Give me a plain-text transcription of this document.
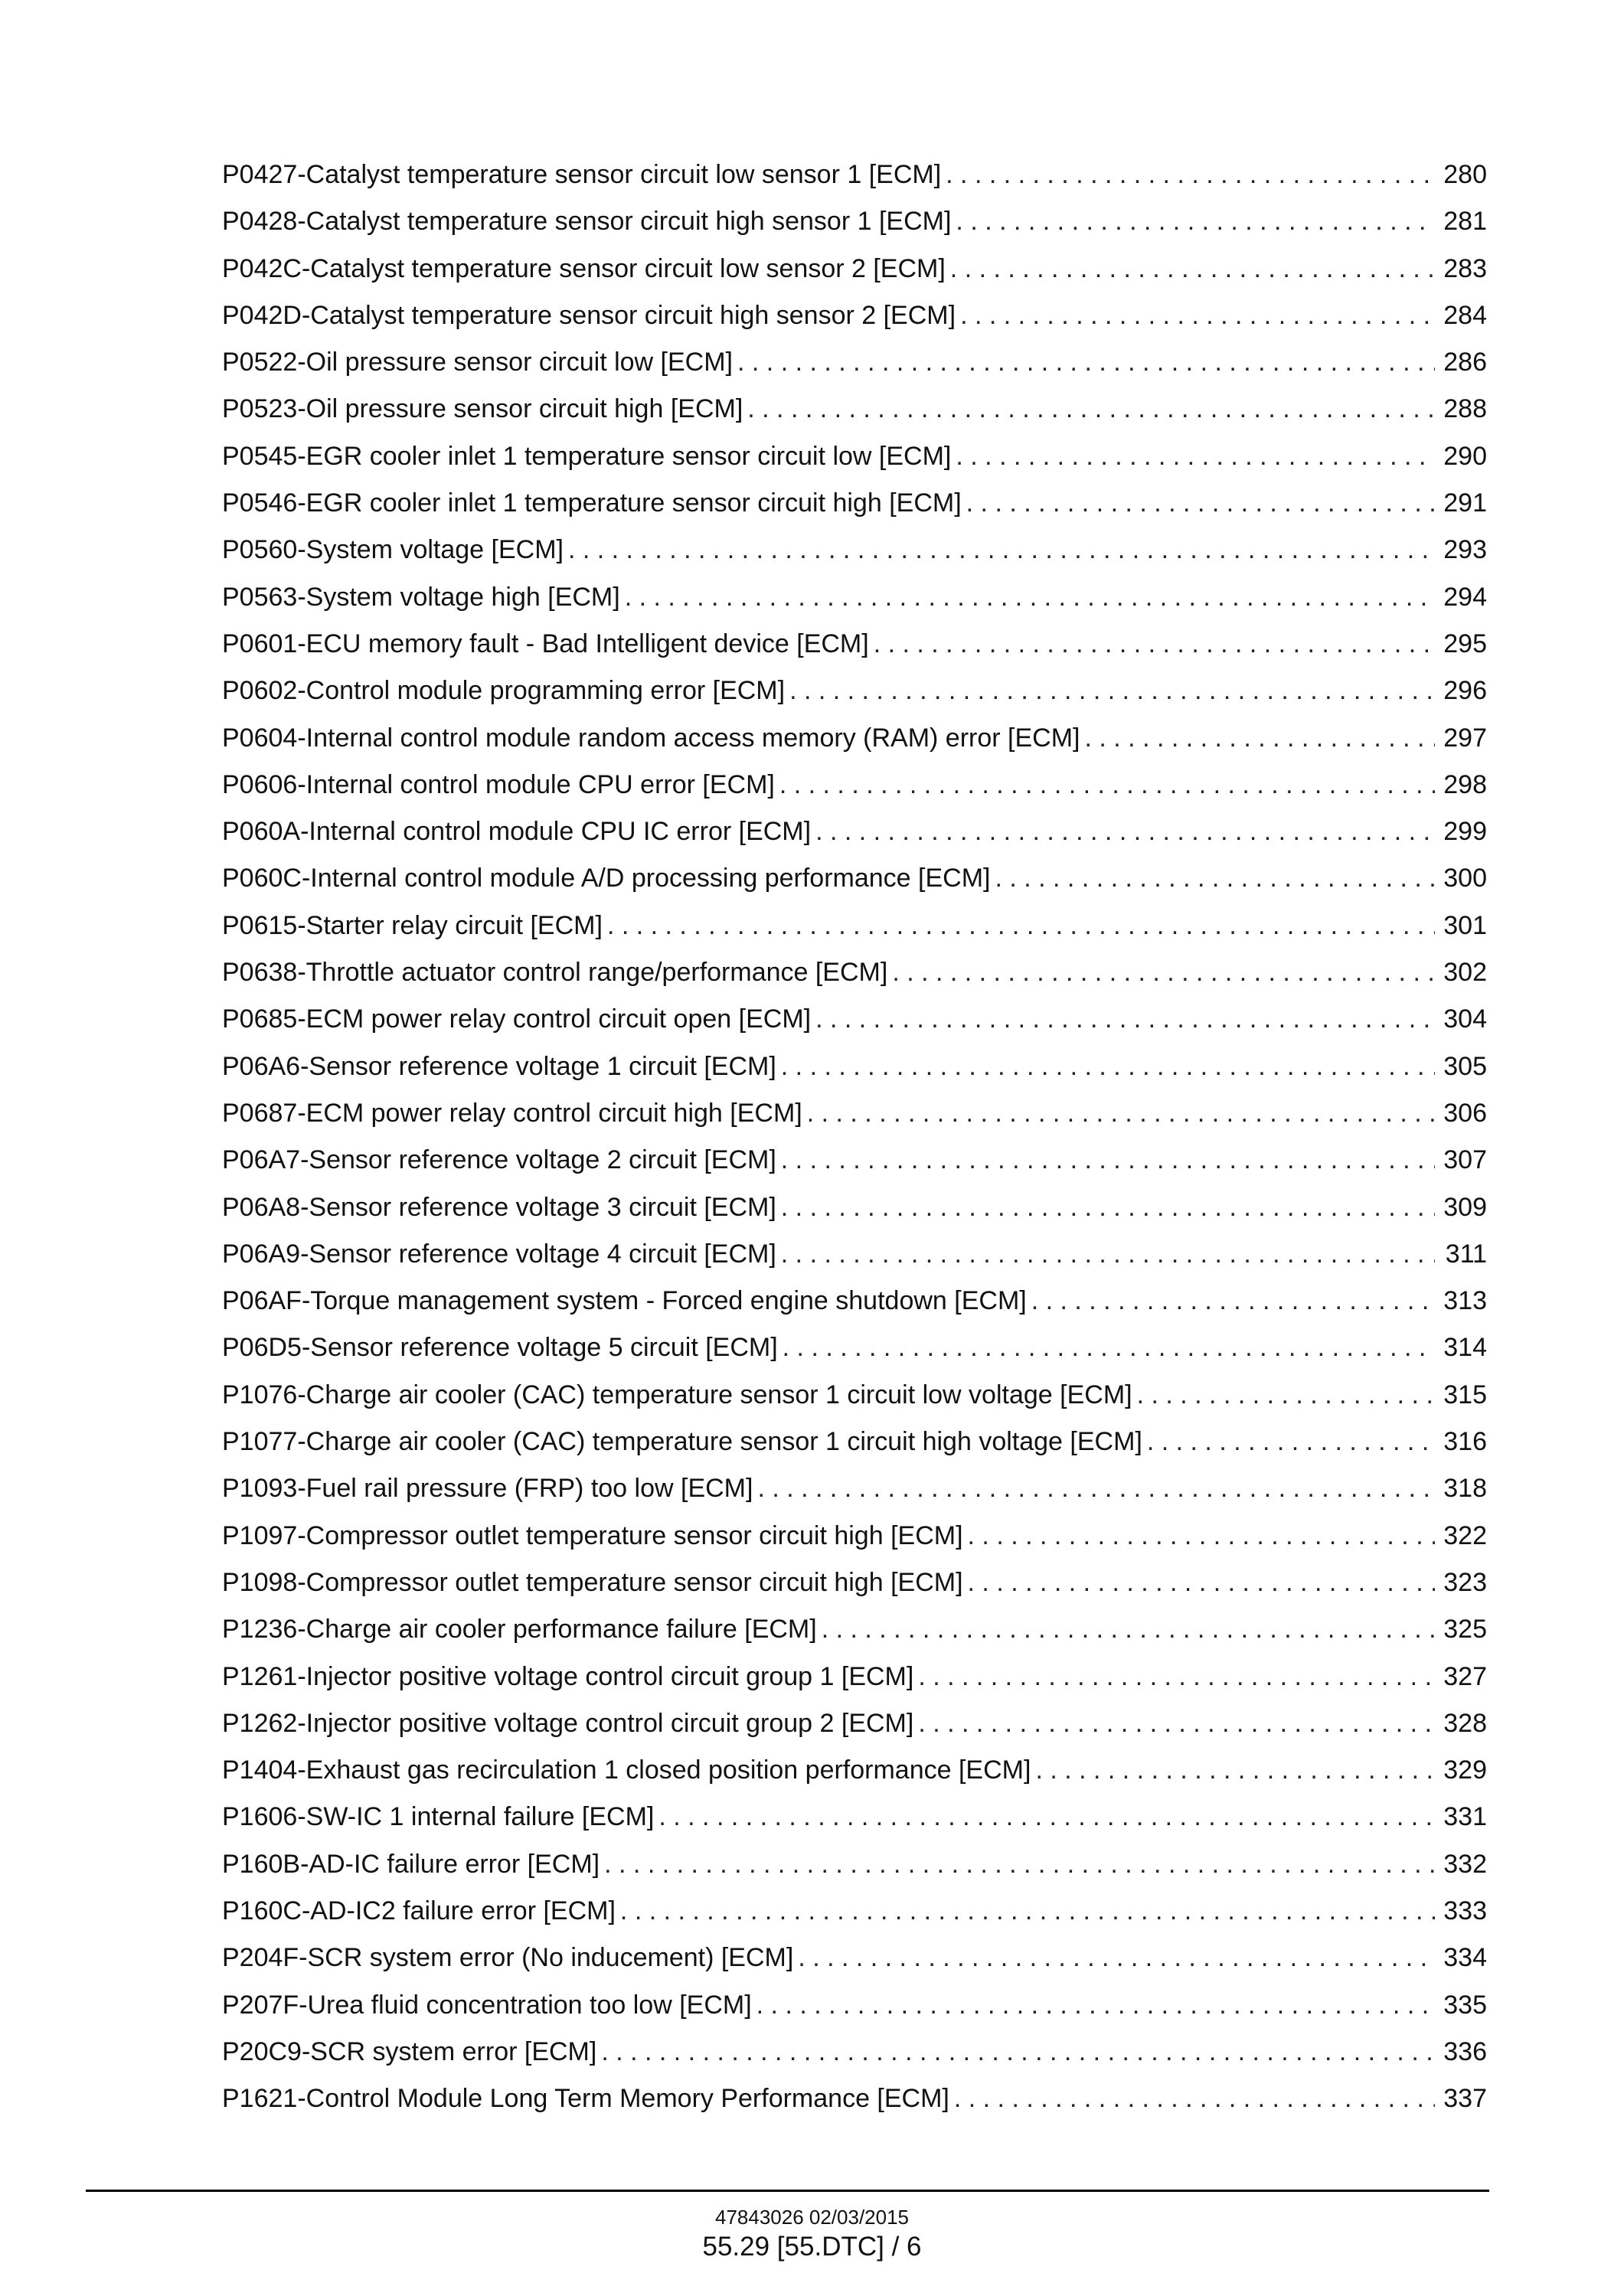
P0427-Catalyst temperature sensor circuit low sensor 1 [ECM] . . .	280
P0428-Catalyst temperature sensor circuit high sensor 1 [ECM] . . .	281
P042C-Catalyst temperature sensor circuit low sensor 2 [ECM] . . .	283
P042D-Catalyst temperature sensor circuit high sensor 2 [ECM] . . .	284
P0522-Oil pressure sensor circuit low [ECM] . . .	286
P0523-Oil pressure sensor circuit high [ECM] . . .	288
P0545-EGR cooler inlet 1 temperature sensor circuit low [ECM] . . .	290
P0546-EGR cooler inlet 1 temperature sensor circuit high [ECM] . . .	291
P0560-System voltage [ECM] . . .	293
P0563-System voltage high [ECM] . . .	294
P0601-ECU memory fault - Bad Intelligent device [ECM] . . .	295
P0602-Control module programming error [ECM] . . .	296
P0604-Internal control module random access memory (RAM) error [ECM] . . .	297
P0606-Internal control module CPU error [ECM] . . .	298
P060A-Internal control module CPU IC error [ECM] . . .	299
P060C-Internal control module A/D processing performance [ECM] . . .	300
P0615-Starter relay circuit [ECM] . . .	301
P0638-Throttle actuator control range/performance [ECM] . . .	302
P0685-ECM power relay control circuit open [ECM] . . .	304
P06A6-Sensor reference voltage 1 circuit [ECM] . . .	305
P0687-ECM power relay control circuit high [ECM] . . .	306
P06A7-Sensor reference voltage 2 circuit [ECM] . . .	307
P06A8-Sensor reference voltage 3 circuit [ECM] . . .	309
P06A9-Sensor reference voltage 4 circuit [ECM] . . .	311
P06AF-Torque management system - Forced engine shutdown [ECM] . . .	313
P06D5-Sensor reference voltage 5 circuit [ECM] . . .	314
P1076-Charge air cooler (CAC) temperature sensor 1 circuit low voltage [ECM] . . .	315
P1077-Charge air cooler (CAC) temperature sensor 1 circuit high voltage [ECM] . . .	316
P1093-Fuel rail pressure (FRP) too low [ECM] . . .	318
P1097-Compressor outlet temperature sensor circuit high [ECM] . . .	322
P1098-Compressor outlet temperature sensor circuit high [ECM] . . .	323
P1236-Charge air cooler performance failure [ECM] . . .	325
P1261-Injector positive voltage control circuit group 1 [ECM] . . .	327
P1262-Injector positive voltage control circuit group 2 [ECM] . . .	328
P1404-Exhaust gas recirculation 1 closed position performance [ECM] . . .	329
P1606-SW-IC 1 internal failure [ECM] . . .	331
P160B-AD-IC failure error [ECM] . . .	332
P160C-AD-IC2 failure error [ECM] . . .	333
P204F-SCR system error (No inducement) [ECM] . . .	334
P207F-Urea fluid concentration too low [ECM] . . .	335
P20C9-SCR system error [ECM] . . .	336
P1621-Control Module Long Term Memory Performance [ECM] . . .	337
47843026 02/03/2015
55.29 [55.DTC] / 6
